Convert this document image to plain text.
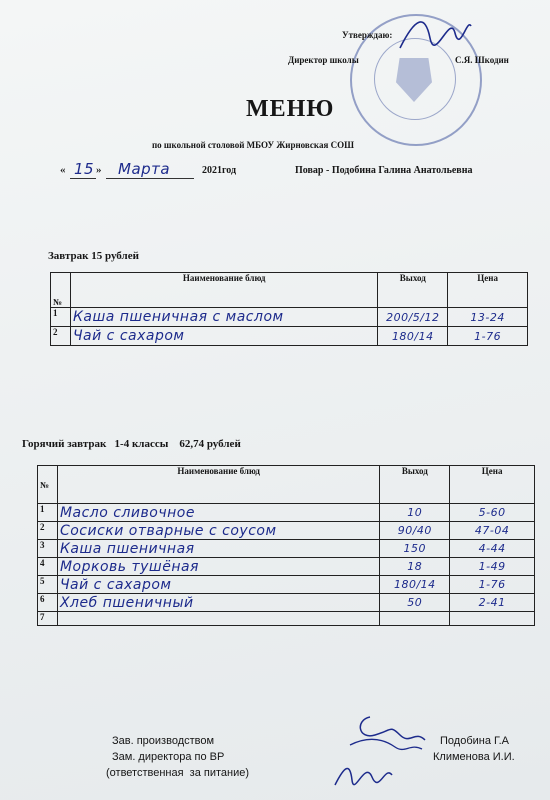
Утверждаю:
Директор школы	С.Я. Шкодин
МЕНЮ
по школьной столовой МБОУ Жирновская СОШ
« 15 » Марта	2021год	Повар - Подобина Галина Анатольевна
Завтрак 15 рублей
№	Наименование блюд	Выход	Цена
1	Каша пшеничная с маслом	200/5/12	13-24
2	Чай с сахаром	180/14	1-76
Горячий завтрак   1-4 классы    62,74 рублей
№	Наименование блюд	Выход	Цена
1	Масло сливочное	10	5-60
2	Сосиски отварные с соусом	90/40	47-04
3	Каша пшеничная	150	4-44
4	Морковь тушёная	18	1-49
5	Чай с сахаром	180/14	1-76
6	Хлеб пшеничный	50	2-41
7			
Зав. производством
Зам. директора по ВР
(ответственная  за питание)
Подобина Г.А
Клименова И.И.
